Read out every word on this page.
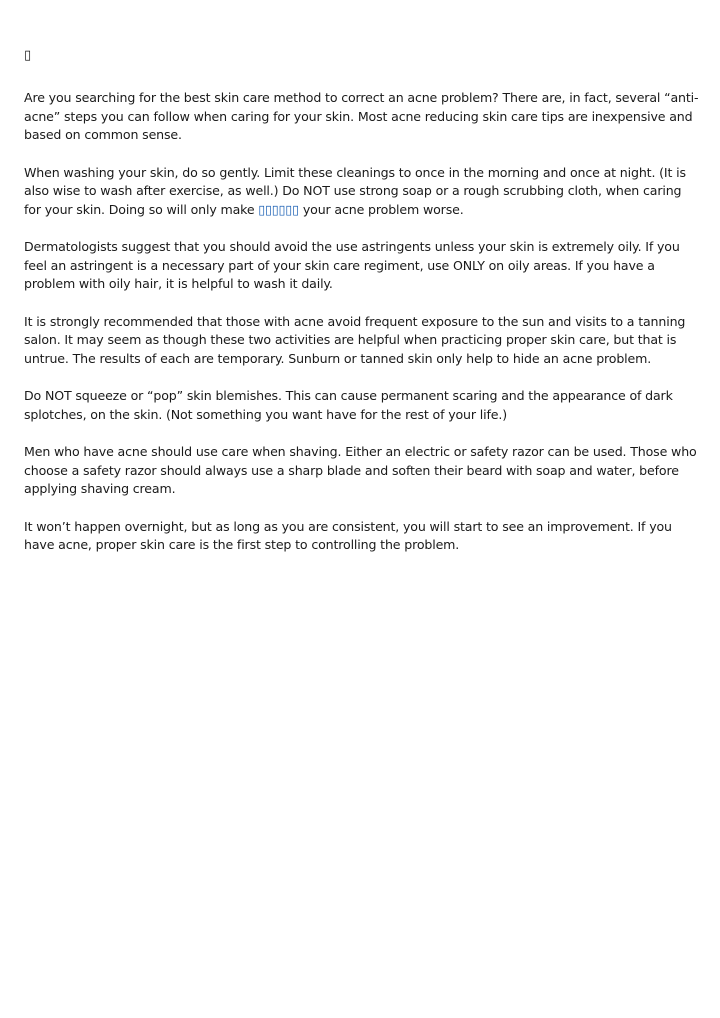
▯

Are you searching for the best skin care method to correct an acne problem? There are, in fact, several “anti-acne” steps you can follow when caring for your skin. Most acne reducing skin care tips are inexpensive and based on common sense.

When washing your skin, do so gently. Limit these cleanings to once in the morning and once at night. (It is also wise to wash after exercise, as well.) Do NOT use strong soap or a rough scrubbing cloth, when caring for your skin. Doing so will only make ▯▯▯▯▯▯ your acne problem worse.

Dermatologists suggest that you should avoid the use astringents unless your skin is extremely oily. If you feel an astringent is a necessary part of your skin care regiment, use ONLY on oily areas. If you have a problem with oily hair, it is helpful to wash it daily.

It is strongly recommended that those with acne avoid frequent exposure to the sun and visits to a tanning salon. It may seem as though these two activities are helpful when practicing proper skin care, but that is untrue. The results of each are temporary. Sunburn or tanned skin only help to hide an acne problem.

Do NOT squeeze or “pop” skin blemishes. This can cause permanent scaring and the appearance of dark splotches, on the skin. (Not something you want have for the rest of your life.)

Men who have acne should use care when shaving. Either an electric or safety razor can be used. Those who choose a safety razor should always use a sharp blade and soften their beard with soap and water, before applying shaving cream.

It won’t happen overnight, but as long as you are consistent, you will start to see an improvement. If you have acne, proper skin care is the first step to controlling the problem.
